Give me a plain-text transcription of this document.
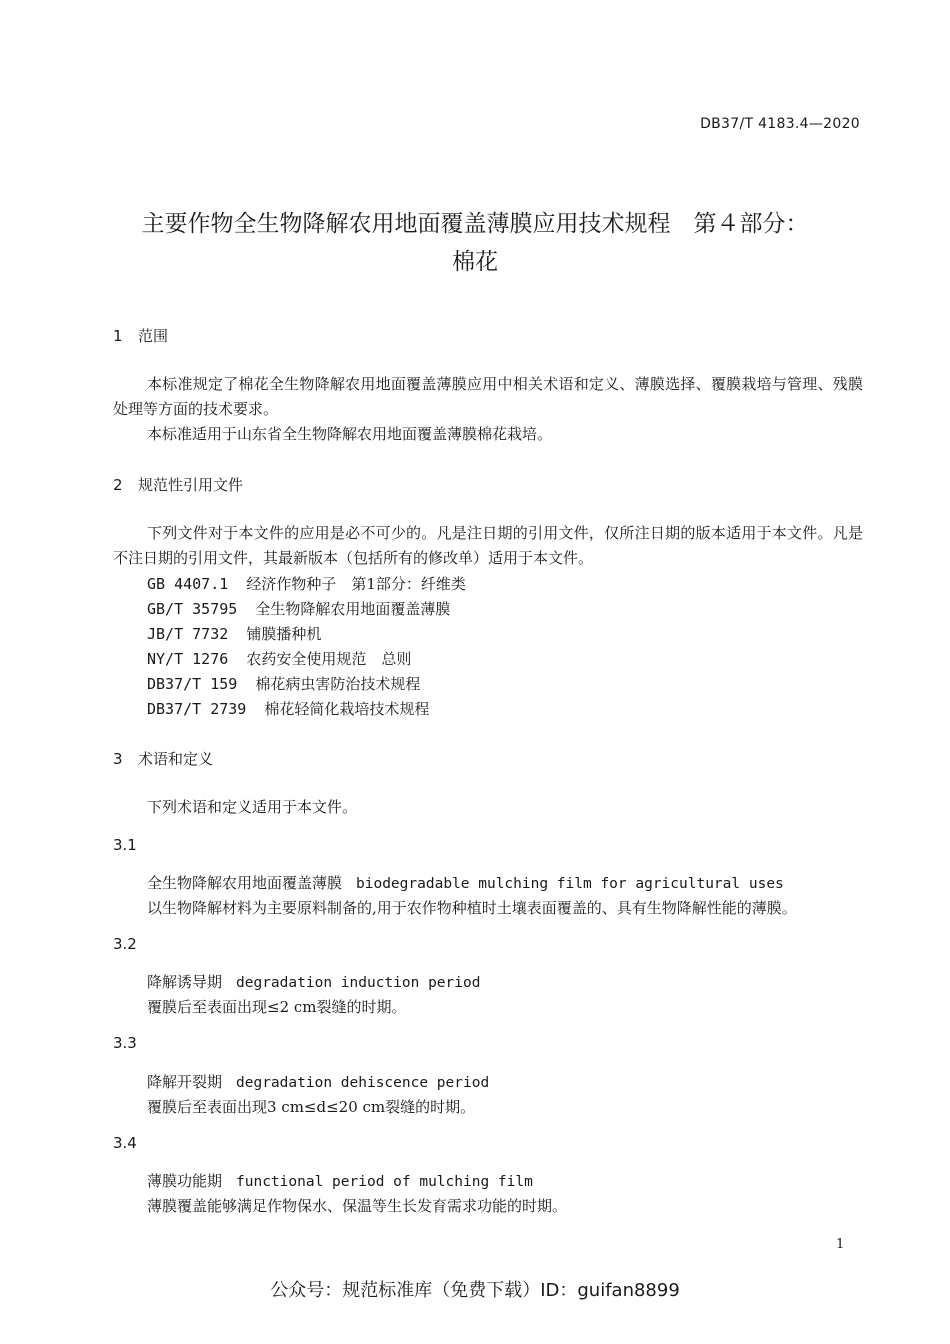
DB37/T 4183.4—2020
主要作物全生物降解农用地面覆盖薄膜应用技术规程　第４部分：
棉花
1 范围
本标准规定了棉花全生物降解农用地面覆盖薄膜应用中相关术语和定义、薄膜选择、覆膜栽培与管理、残膜处理等方面的技术要求。
本标准适用于山东省全生物降解农用地面覆盖薄膜棉花栽培。
2 规范性引用文件
下列文件对于本文件的应用是必不可少的。凡是注日期的引用文件，仅所注日期的版本适用于本文件。凡是不注日期的引用文件，其最新版本（包括所有的修改单）适用于本文件。
GB 4407.1 经济作物种子　第1部分：纤维类
GB/T 35795 全生物降解农用地面覆盖薄膜
JB/T 7732 铺膜播种机
NY/T 1276 农药安全使用规范　总则
DB37/T 159 棉花病虫害防治技术规程
DB37/T 2739 棉花轻简化栽培技术规程
3 术语和定义
下列术语和定义适用于本文件。
3.1
全生物降解农用地面覆盖薄膜 biodegradable mulching film for agricultural uses
以生物降解材料为主要原料制备的,用于农作物种植时土壤表面覆盖的、具有生物降解性能的薄膜。
3.2
降解诱导期 degradation induction period
覆膜后至表面出现≤2 cm裂缝的时期。
3.3
降解开裂期 degradation dehiscence period
覆膜后至表面出现3 cm≤d≤20 cm裂缝的时期。
3.4
薄膜功能期 functional period of mulching film
薄膜覆盖能够满足作物保水、保温等生长发育需求功能的时期。
1
公众号：规范标准库（免费下载）ID：guifan8899
